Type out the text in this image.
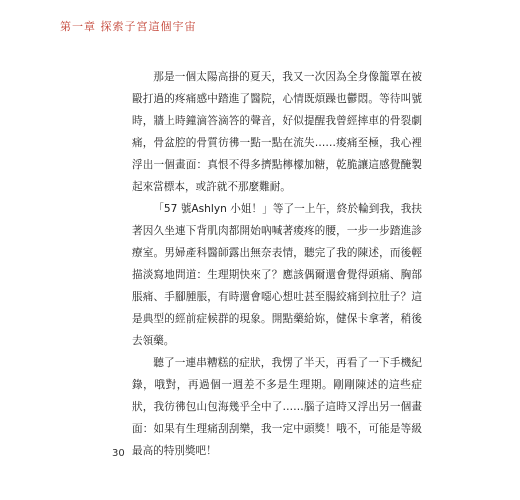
第一章 探索子宮這個宇宙

那是一個太陽高掛的夏天，我又一次因為全身像籠罩在被毆打過的疼痛感中踏進了醫院，心情既煩躁也鬱悶。等待叫號時，牆上時鐘滴答滴答的聲音，好似提醒我曾經摔車的骨裂劇痛，骨盆腔的骨質彷彿一點一點在流失……痠痛至極，我心裡浮出一個畫面：真恨不得多擠點檸檬加糖，乾脆讓這感覺醃製起來當標本，或許就不那麼難耐。

「57 號Ashlyn 小姐！」等了一上午，終於輪到我，我扶著因久坐連下背肌肉都開始吶喊著痠疼的腰，一步一步踏進診療室。男婦產科醫師露出無奈表情，聽完了我的陳述，而後輕描淡寫地問道：生理期快來了？應該偶爾還會覺得頭痛、胸部脹痛、手腳腫脹，有時還會噁心想吐甚至腸絞痛到拉肚子？這是典型的經前症候群的現象。開點藥給妳，健保卡拿著，稍後去領藥。

聽了一連串糟糕的症狀，我愣了半天，再看了一下手機紀錄，哦對，再過個一週差不多是生理期。剛剛陳述的這些症狀，我彷彿包山包海幾乎全中了……腦子這時又浮出另一個畫面：如果有生理痛刮刮樂，我一定中頭獎！哦不，可能是等級最高的特別獎吧！

30
